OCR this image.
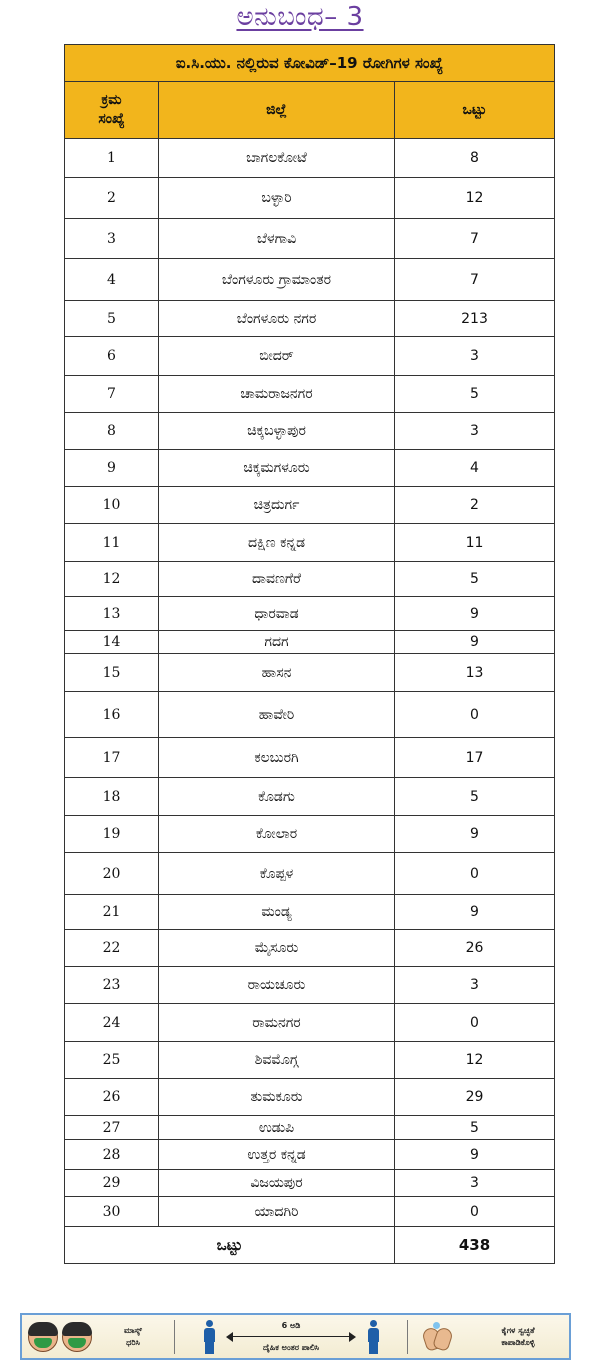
ಅನುಬಂಧ– 3
ಐ.ಸಿ.ಯು. ನಲ್ಲಿರುವ ಕೋವಿಡ್–19 ರೋಗಿಗಳ ಸಂಖ್ಯೆ		
ಕ್ರಮ
ಸಂಖ್ಯೆ	ಜಿಲ್ಲೆ	ಒಟ್ಟು
1	ಬಾಗಲಕೋಟೆ	8
2	ಬಳ್ಳಾರಿ	12
3	ಬೆಳಗಾವಿ	7
4	ಬೆಂಗಳೂರು ಗ್ರಾಮಾಂತರ	7
5	ಬೆಂಗಳೂರು ನಗರ	213
6	ಬೀದರ್	3
7	ಚಾಮರಾಜನಗರ	5
8	ಚಿಕ್ಕಬಳ್ಳಾಪುರ	3
9	ಚಿಕ್ಕಮಗಳೂರು	4
10	ಚಿತ್ರದುರ್ಗ	2
11	ದಕ್ಷಿಣ ಕನ್ನಡ	11
12	ದಾವಣಗೆರೆ	5
13	ಧಾರವಾಡ	9
14	ಗದಗ	9
15	ಹಾಸನ	13
16	ಹಾವೇರಿ	0
17	ಕಲಬುರಗಿ	17
18	ಕೊಡಗು	5
19	ಕೋಲಾರ	9
20	ಕೊಪ್ಪಳ	0
21	ಮಂಡ್ಯ	9
22	ಮೈಸೂರು	26
23	ರಾಯಚೂರು	3
24	ರಾಮನಗರ	0
25	ಶಿವಮೊಗ್ಗ	12
26	ತುಮಕೂರು	29
27	ಉಡುಪಿ	5
28	ಉತ್ತರ ಕನ್ನಡ	9
29	ವಿಜಯಪುರ	3
30	ಯಾದಗಿರಿ	0
ಒಟ್ಟು		438
ಮಾಸ್ಕ್
ಧರಿಸಿ
6 ಅಡಿ
ದೈಹಿಕ ಅಂತರ ಪಾಲಿಸಿ
ಕೈಗಳ ಸ್ವಚ್ಛತೆ
ಕಾಪಾಡಿಕೊಳ್ಳಿ
